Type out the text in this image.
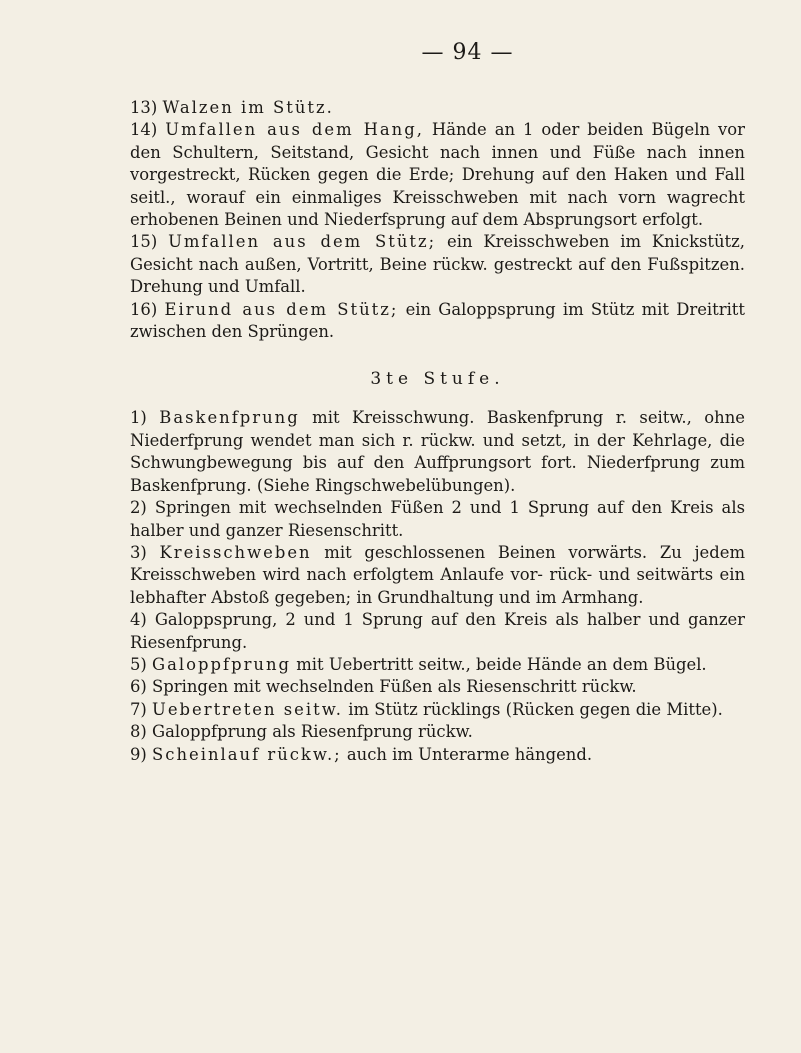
— 94 —

13) Walzen im Stütz.

14) Umfallen aus dem Hang, Hände an 1 oder beiden Bügeln vor den Schultern, Seitstand, Gesicht nach innen und Füße nach innen vorgestreckt, Rücken gegen die Erde; Drehung auf den Haken und Fall seitl., worauf ein einmaliges Kreisschweben mit nach vorn wagrecht erhobenen Beinen und Niederfsprung auf dem Absprungsort erfolgt.

15) Umfallen aus dem Stütz; ein Kreisschweben im Knickstütz, Gesicht nach außen, Vortritt, Beine rückw. gestreckt auf den Fußspitzen. Drehung und Umfall.

16) Eirund aus dem Stütz; ein Galoppsprung im Stütz mit Dreitritt zwischen den Sprüngen.

3te Stufe.

1) Baskenfprung mit Kreisschwung. Baskenfprung r. seitw., ohne Niederfprung wendet man sich r. rückw. und setzt, in der Kehrlage, die Schwungbewegung bis auf den Auffprungsort fort. Niederfprung zum Baskenfprung. (Siehe Ringschwebelübungen).

2) Springen mit wechselnden Füßen 2 und 1 Sprung auf den Kreis als halber und ganzer Riesenschritt.

3) Kreisschweben mit geschlossenen Beinen vorwärts. Zu jedem Kreisschweben wird nach erfolgtem Anlaufe vor- rück- und seitwärts ein lebhafter Abstoß gegeben; in Grundhaltung und im Armhang.

4) Galoppsprung, 2 und 1 Sprung auf den Kreis als halber und ganzer Riesenfprung.

5) Galoppfprung mit Uebertritt seitw., beide Hände an dem Bügel.

6) Springen mit wechselnden Füßen als Riesenschritt rückw.

7) Uebertreten seitw. im Stütz rücklings (Rücken gegen die Mitte).

8) Galoppfprung als Riesenfprung rückw.

9) Scheinlauf rückw.; auch im Unterarme hängend.
